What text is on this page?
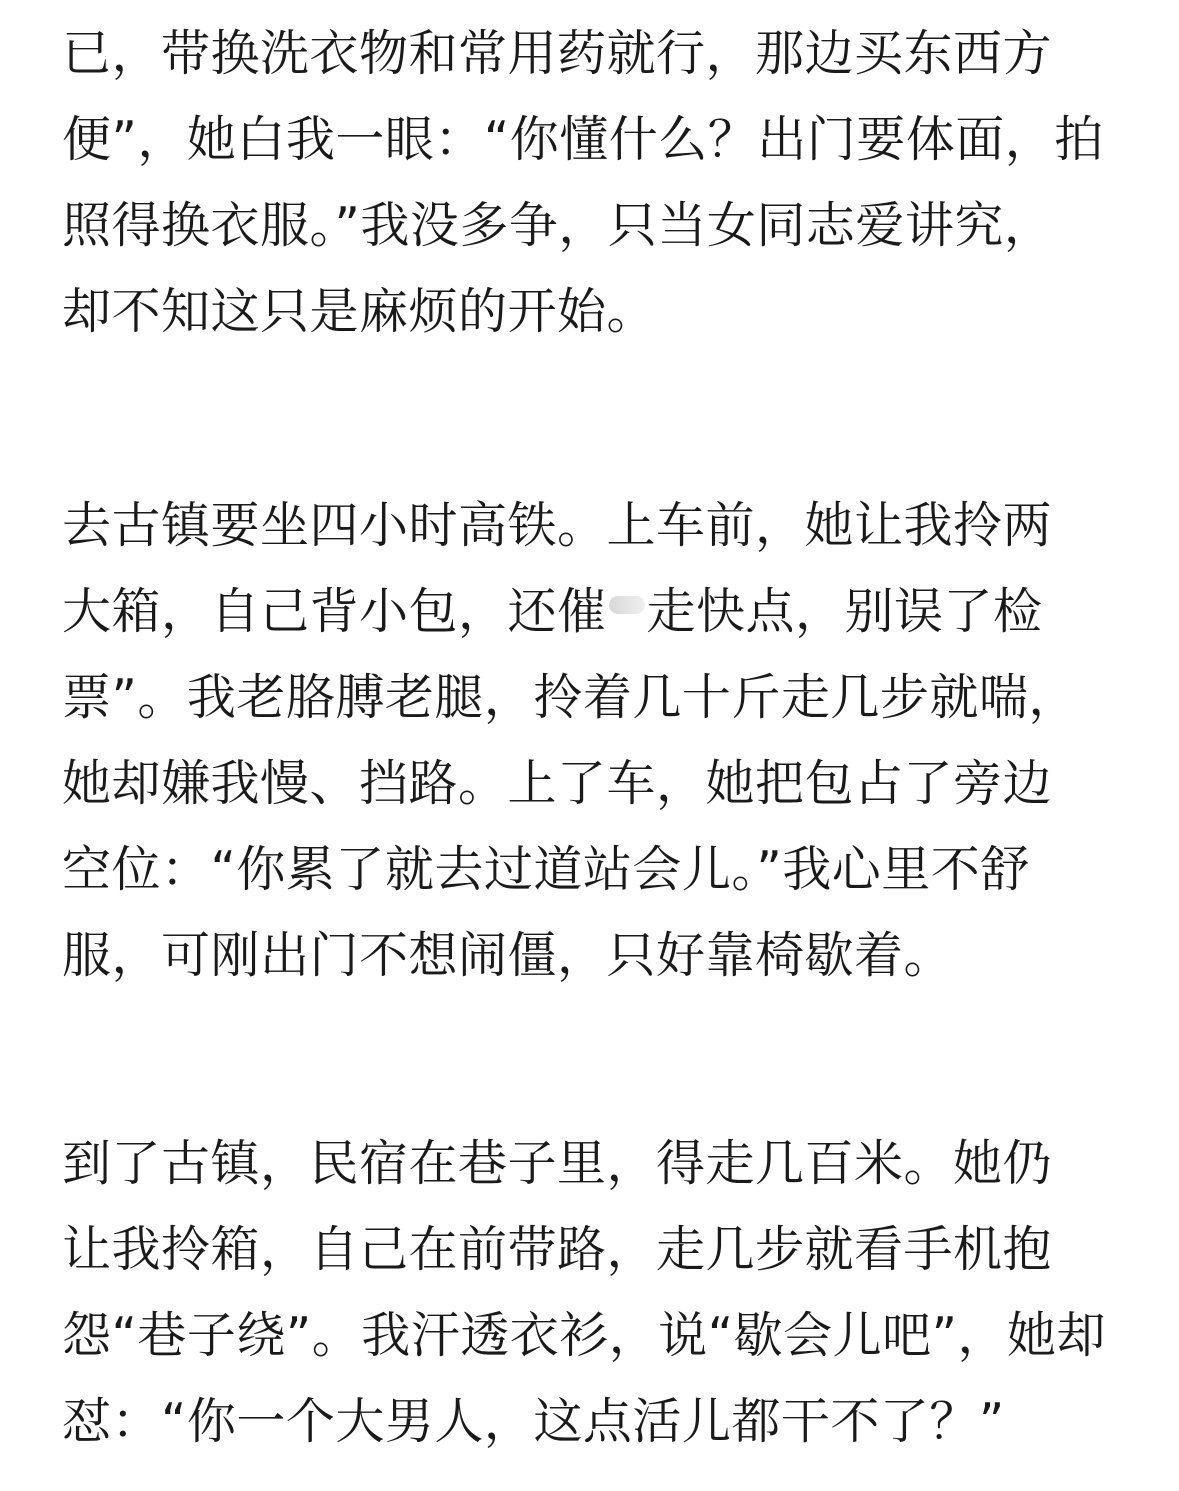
已，带换洗衣物和常用药就行，那边买东西方
便”，她白我一眼：“你懂什么？出门要体面，拍
照得换衣服。”我没多争，只当女同志爱讲究，
却不知这只是麻烦的开始。
去古镇要坐四小时高铁。上车前，她让我拎两
大箱，自己背小包，还催 走快点，别误了检
票”。我老胳膊老腿，拎着几十斤走几步就喘，
她却嫌我慢、挡路。上了车，她把包占了旁边
空位：“你累了就去过道站会儿。”我心里不舒
服，可刚出门不想闹僵，只好靠椅歇着。
到了古镇，民宿在巷子里，得走几百米。她仍
让我拎箱，自己在前带路，走几步就看手机抱
怨“巷子绕”。我汗透衣衫，说“歇会儿吧”，她却
怼：“你一个大男人，这点活儿都干不了？”
